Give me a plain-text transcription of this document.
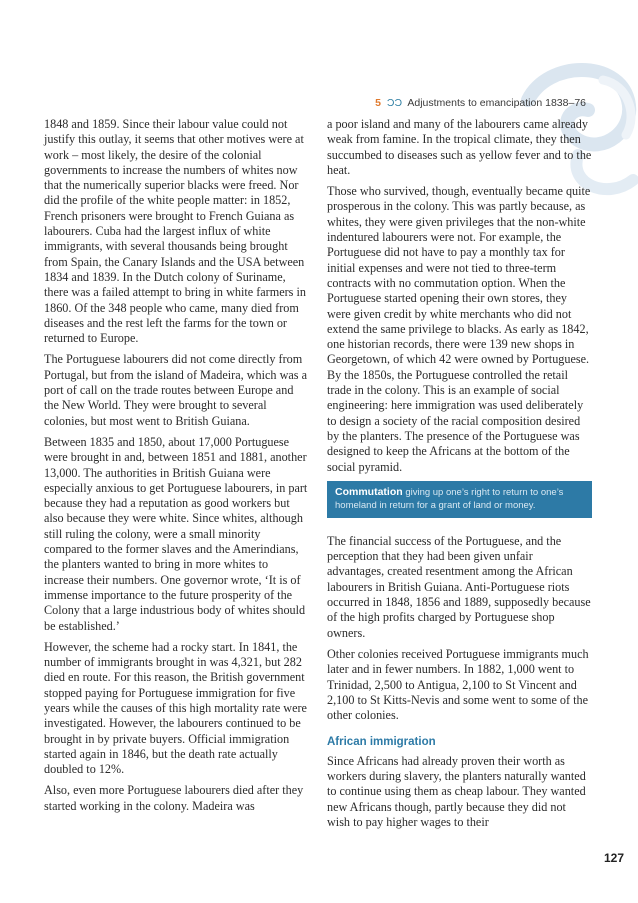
5 ƆƆ Adjustments to emancipation 1838–76

1848 and 1859. Since their labour value could not justify this outlay, it seems that other motives were at work – most likely, the desire of the colonial governments to increase the numbers of whites now that the numerically superior blacks were freed. Nor did the profile of the white people matter: in 1852, French prisoners were brought to French Guiana as labourers. Cuba had the largest influx of white immigrants, with several thousands being brought from Spain, the Canary Islands and the USA between 1834 and 1839. In the Dutch colony of Suriname, there was a failed attempt to bring in white farmers in 1860. Of the 348 people who came, many died from diseases and the rest left the farms for the town or returned to Europe.

The Portuguese labourers did not come directly from Portugal, but from the island of Madeira, which was a port of call on the trade routes between Europe and the New World. They were brought to several colonies, but most went to British Guiana.

Between 1835 and 1850, about 17,000 Portuguese were brought in and, between 1851 and 1881, another 13,000. The authorities in British Guiana were especially anxious to get Portuguese labourers, in part because they had a reputation as good workers but also because they were white. Since whites, although still ruling the colony, were a small minority compared to the former slaves and the Amerindians, the planters wanted to bring in more whites to increase their numbers. One governor wrote, ‘It is of immense importance to the future prosperity of the Colony that a large industrious body of whites should be established.’

However, the scheme had a rocky start. In 1841, the number of immigrants brought in was 4,321, but 282 died en route. For this reason, the British government stopped paying for Portuguese immigration for five years while the causes of this high mortality rate were investigated. However, the labourers continued to be brought in by private buyers. Official immigration started again in 1846, but the death rate actually doubled to 12%.

Also, even more Portuguese labourers died after they started working in the colony. Madeira was

a poor island and many of the labourers came already weak from famine. In the tropical climate, they then succumbed to diseases such as yellow fever and to the heat.

Those who survived, though, eventually became quite prosperous in the colony. This was partly because, as whites, they were given privileges that the non-white indentured labourers were not. For example, the Portuguese did not have to pay a monthly tax for initial expenses and were not tied to three-term contracts with no commutation option. When the Portuguese started opening their own stores, they were given credit by white merchants who did not extend the same privilege to blacks. As early as 1842, one historian records, there were 139 new shops in Georgetown, of which 42 were owned by Portuguese. By the 1850s, the Portuguese controlled the retail trade in the colony. This is an example of social engineering: here immigration was used deliberately to design a society of the racial composition desired by the planters. The presence of the Portuguese was designed to keep the Africans at the bottom of the social pyramid.

Commutation giving up one’s right to return to one’s homeland in return for a grant of land or money.

The financial success of the Portuguese, and the perception that they had been given unfair advantages, created resentment among the African labourers in British Guiana. Anti-Portuguese riots occurred in 1848, 1856 and 1889, supposedly because of the high profits charged by Portuguese shop owners.

Other colonies received Portuguese immigrants much later and in fewer numbers. In 1882, 1,000 went to Trinidad, 2,500 to Antigua, 2,100 to St Vincent and 2,100 to St Kitts-Nevis and some went to some of the other colonies.

African immigration

Since Africans had already proven their worth as workers during slavery, the planters naturally wanted to continue using them as cheap labour. They wanted new Africans though, partly because they did not wish to pay higher wages to their

127
